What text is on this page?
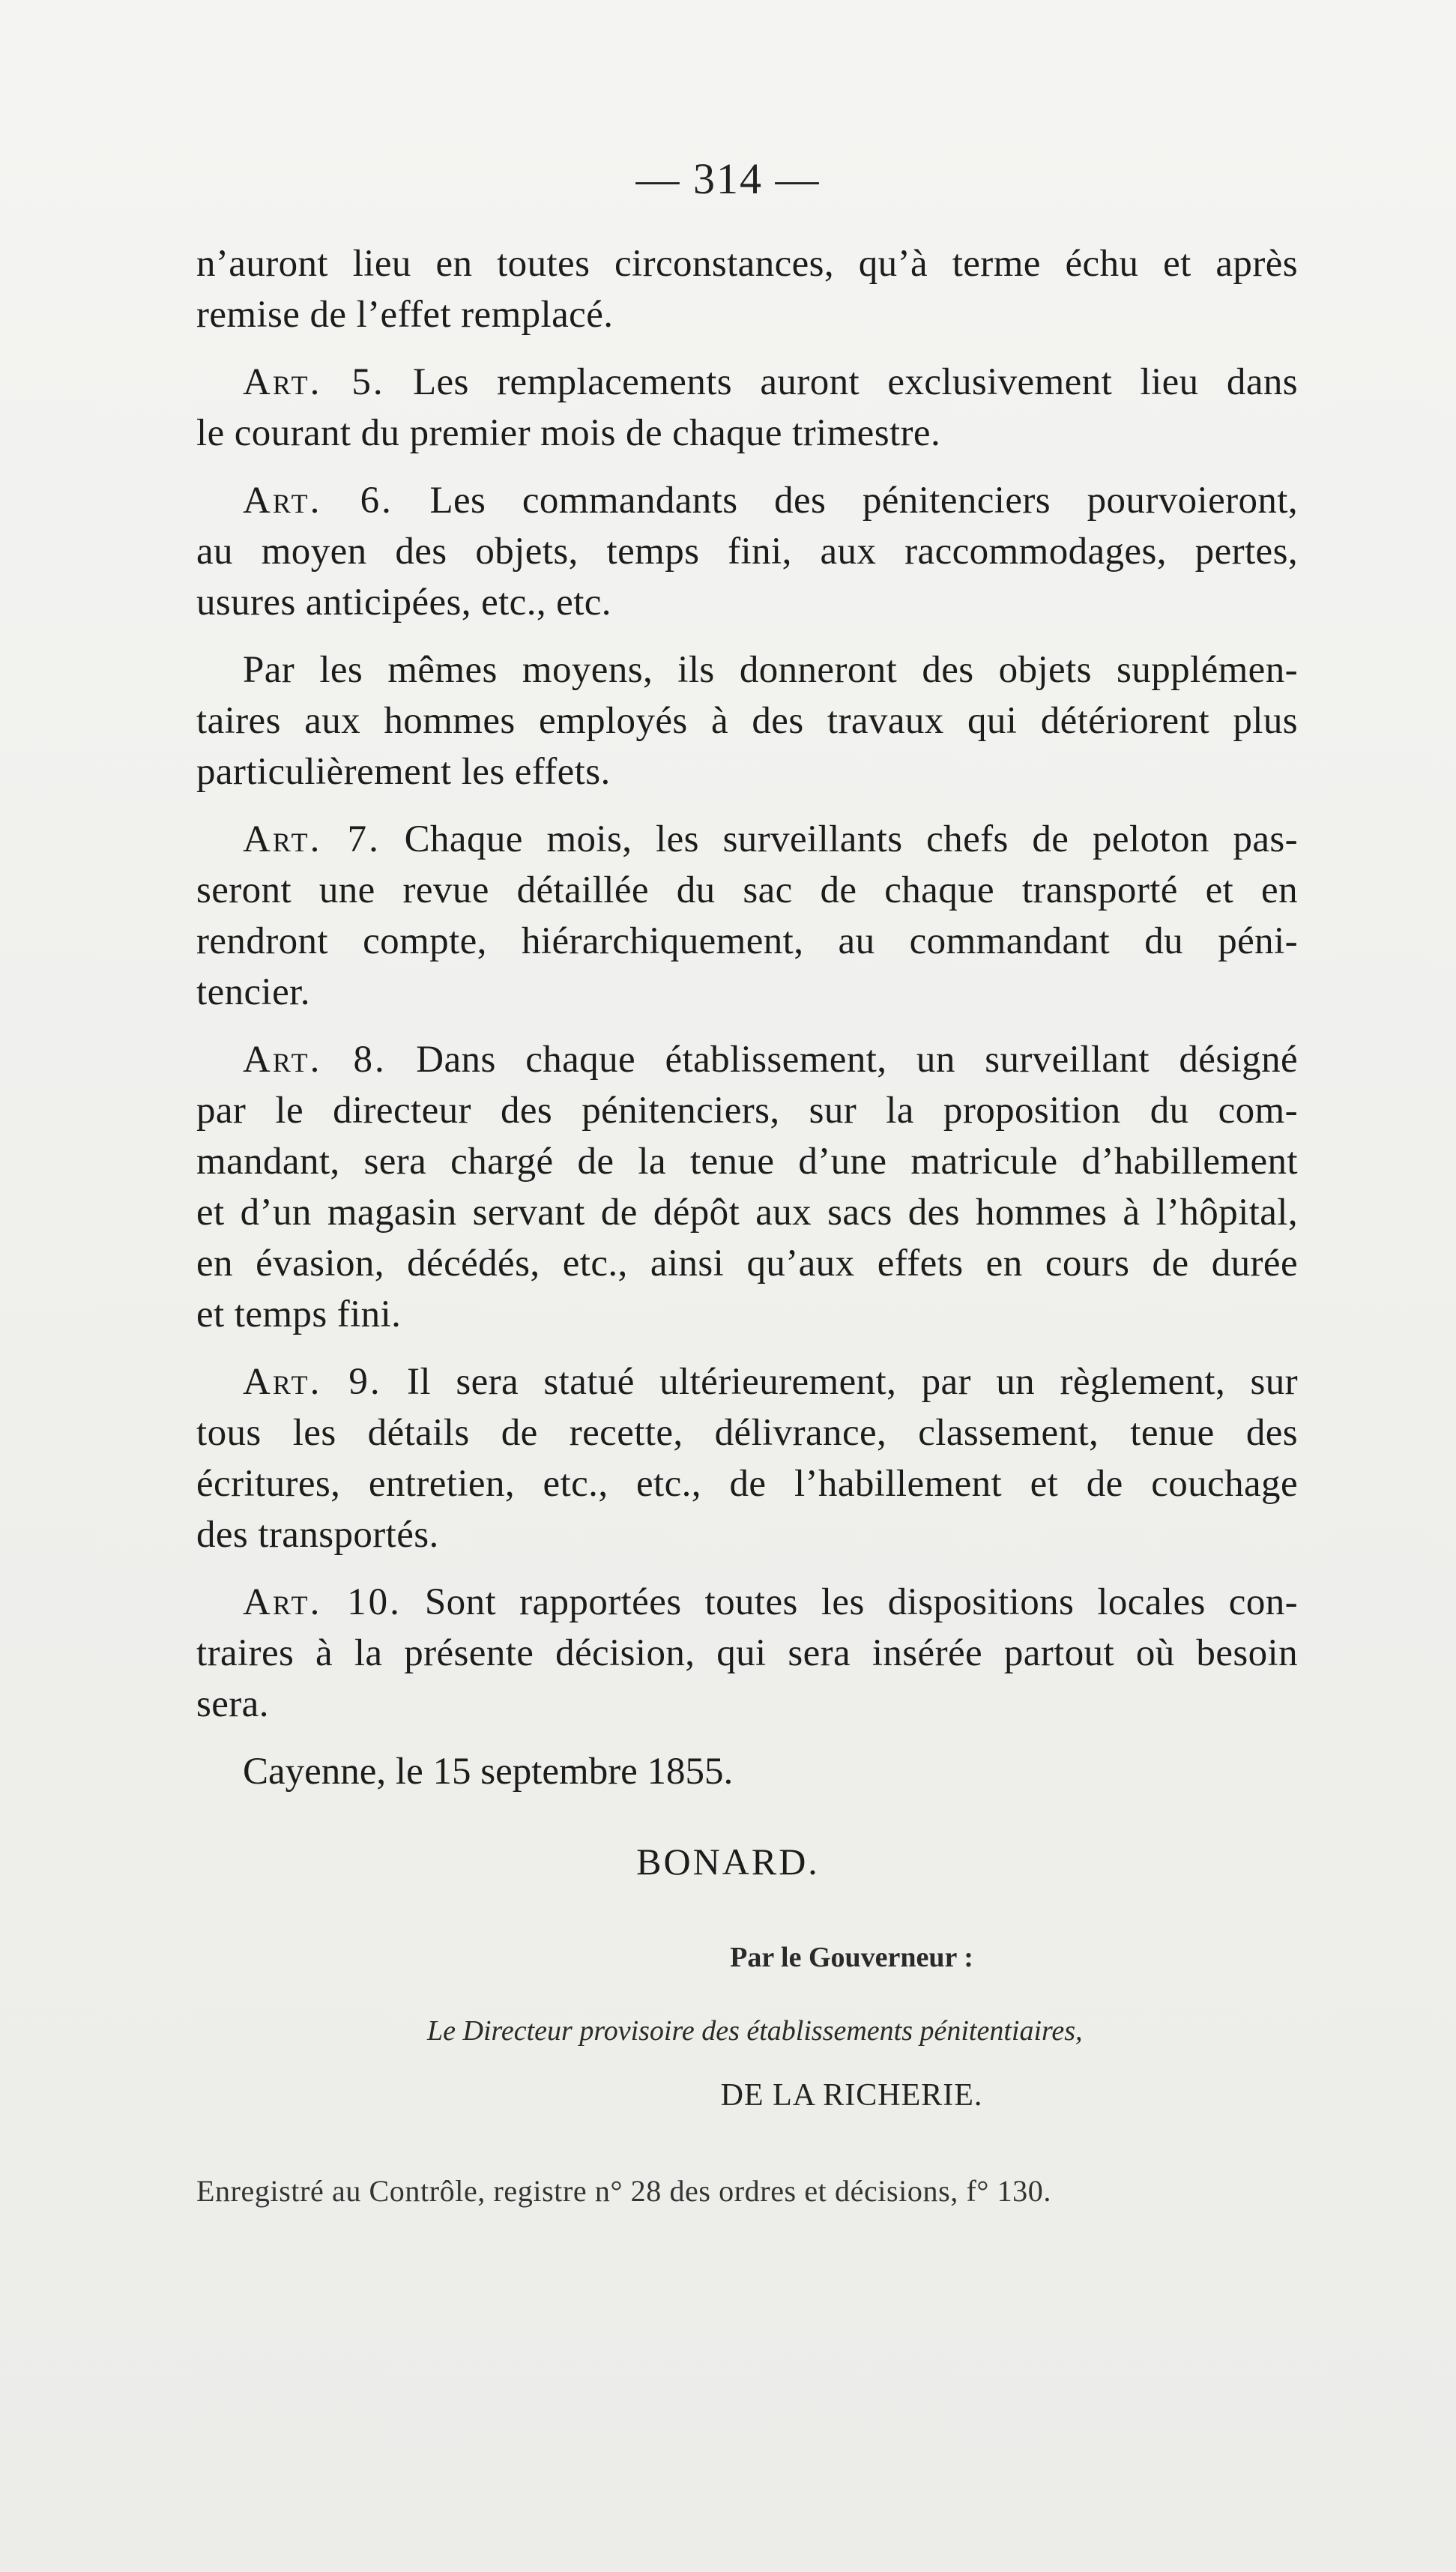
— 314 —
n’auront lieu en toutes circonstances, qu’à terme échu et après
remise de l’effet remplacé.
Art. 5. Les remplacements auront exclusivement lieu dans
le courant du premier mois de chaque trimestre.
Art. 6. Les commandants des pénitenciers pourvoieront,
au moyen des objets, temps fini, aux raccommodages, pertes,
usures anticipées, etc., etc.
Par les mêmes moyens, ils donneront des objets supplémen-
taires aux hommes employés à des travaux qui détériorent plus
particulièrement les effets.
Art. 7. Chaque mois, les surveillants chefs de peloton pas-
seront une revue détaillée du sac de chaque transporté et en
rendront compte, hiérarchiquement, au commandant du péni-
tencier.
Art. 8. Dans chaque établissement, un surveillant désigné
par le directeur des pénitenciers, sur la proposition du com-
mandant, sera chargé de la tenue d’une matricule d’habillement
et d’un magasin servant de dépôt aux sacs des hommes à l’hôpital,
en évasion, décédés, etc., ainsi qu’aux effets en cours de durée
et temps fini.
Art. 9. Il sera statué ultérieurement, par un règlement, sur
tous les détails de recette, délivrance, classement, tenue des
écritures, entretien, etc., etc., de l’habillement et de couchage
des transportés.
Art. 10. Sont rapportées toutes les dispositions locales con-
traires à la présente décision, qui sera insérée partout où besoin
sera.
Cayenne, le 15 septembre 1855.
BONARD.
Par le Gouverneur :
Le Directeur provisoire des établissements pénitentiaires,
DE LA RICHERIE.
Enregistré au Contrôle, registre n° 28 des ordres et décisions, f° 130.
